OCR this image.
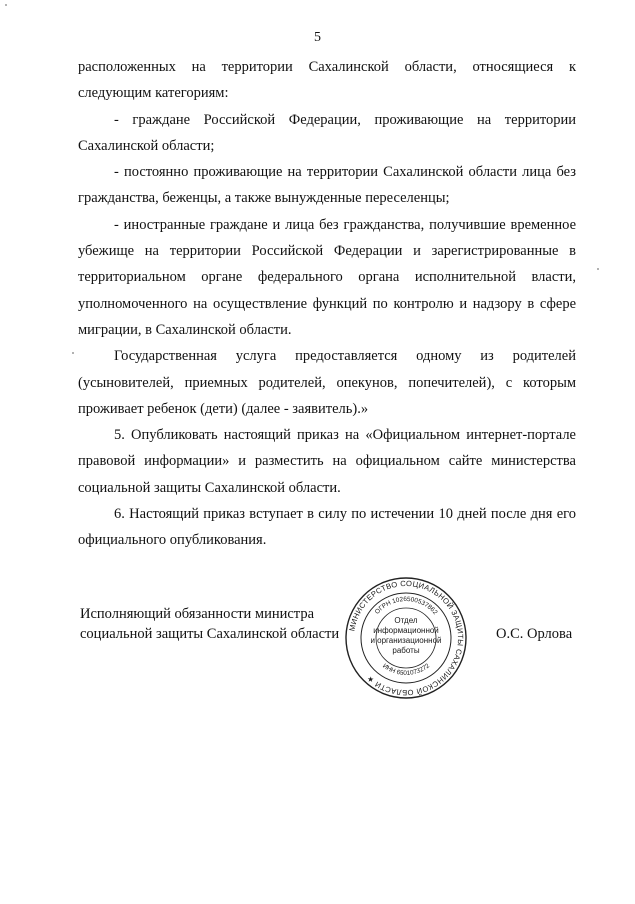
5

расположенных на территории Сахалинской области, относящиеся к следующим категориям:

- граждане Российской Федерации, проживающие на территории Сахалинской области;

- постоянно проживающие на территории Сахалинской области лица без гражданства, беженцы, а также вынужденные переселенцы;

- иностранные граждане и лица без гражданства, получившие временное убежище на территории Российской Федерации и зарегистрированные в территориальном органе федерального органа исполнительной власти, уполномоченного на осуществление функций по контролю и надзору в сфере миграции, в Сахалинской области.

Государственная услуга предоставляется одному из родителей (усыновителей, приемных родителей, опекунов, попечителей), с которым проживает ребенок (дети) (далее - заявитель).»

5. Опубликовать настоящий приказ на «Официальном интернет-портале правовой информации» и разместить на официальном сайте министерства социальной защиты Сахалинской области.

6. Настоящий приказ вступает в силу по истечении 10 дней после дня его официального опубликования.

Исполняющий обязанности министра
социальной защиты Сахалинской области	О.С. Орлова
МИНИСТЕРСТВО СОЦИАЛЬНОЙ ЗАЩИТЫ САХАЛИНСКОЙ ОБЛАСТИ ★
ОГРН 1026500537862
ИНН 6501073272
Отдел
информационной
и организационной
работы
